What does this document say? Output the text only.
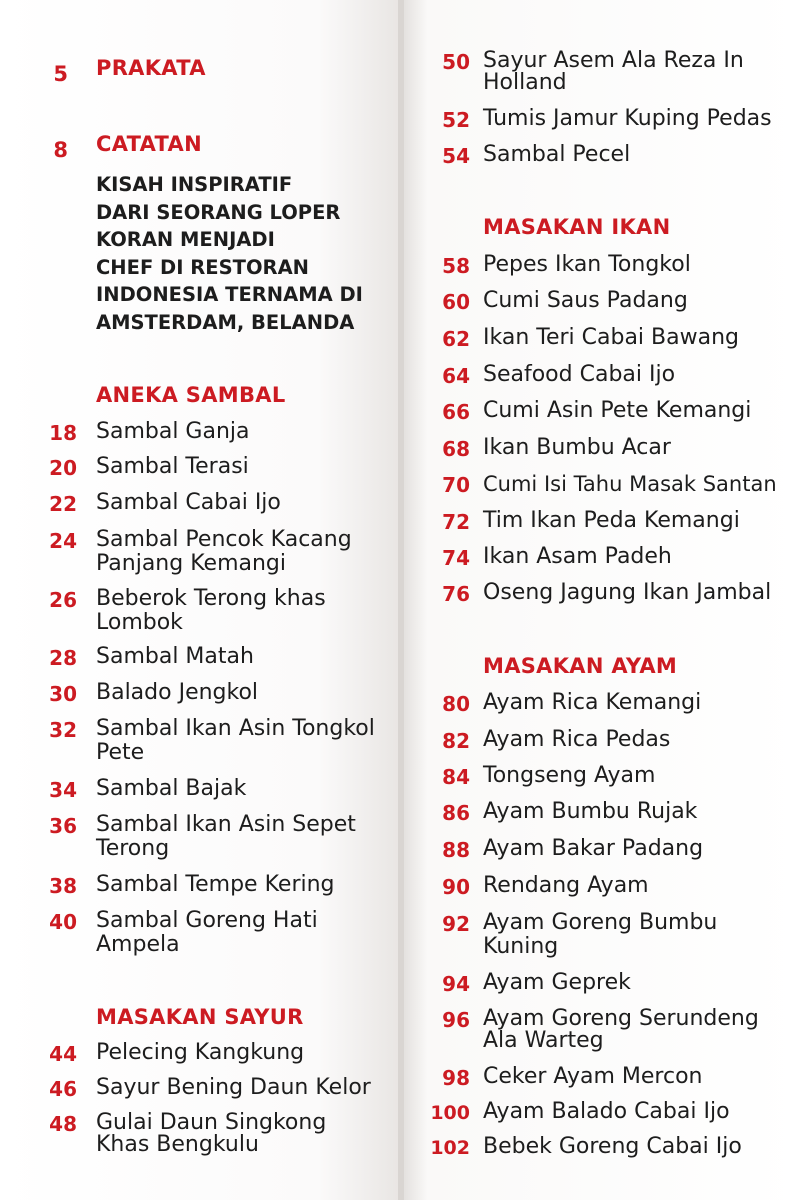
5 PRAKATA
8 CATATAN
KISAH INSPIRATIF
DARI SEORANG LOPER
KORAN MENJADI
CHEF DI RESTORAN
INDONESIA TERNAMA DI
AMSTERDAM, BELANDA
ANEKA SAMBAL
18 Sambal Ganja
20 Sambal Terasi
22 Sambal Cabai Ijo
24 Sambal Pencok Kacang
Panjang Kemangi
26 Beberok Terong khas
Lombok
28 Sambal Matah
30 Balado Jengkol
32 Sambal Ikan Asin Tongkol
Pete
34 Sambal Bajak
36 Sambal Ikan Asin Sepet
Terong
38 Sambal Tempe Kering
40 Sambal Goreng Hati
Ampela
MASAKAN SAYUR
44 Pelecing Kangkung
46 Sayur Bening Daun Kelor
48 Gulai Daun Singkong
Khas Bengkulu
50 Sayur Asem Ala Reza In
Holland
52 Tumis Jamur Kuping Pedas
54 Sambal Pecel
MASAKAN IKAN
58 Pepes Ikan Tongkol
60 Cumi Saus Padang
62 Ikan Teri Cabai Bawang
64 Seafood Cabai Ijo
66 Cumi Asin Pete Kemangi
68 Ikan Bumbu Acar
70 Cumi Isi Tahu Masak Santan
72 Tim Ikan Peda Kemangi
74 Ikan Asam Padeh
76 Oseng Jagung Ikan Jambal
MASAKAN AYAM
80 Ayam Rica Kemangi
82 Ayam Rica Pedas
84 Tongseng Ayam
86 Ayam Bumbu Rujak
88 Ayam Bakar Padang
90 Rendang Ayam
92 Ayam Goreng Bumbu
Kuning
94 Ayam Geprek
96 Ayam Goreng Serundeng
Ala Warteg
98 Ceker Ayam Mercon
100 Ayam Balado Cabai Ijo
102 Bebek Goreng Cabai Ijo
